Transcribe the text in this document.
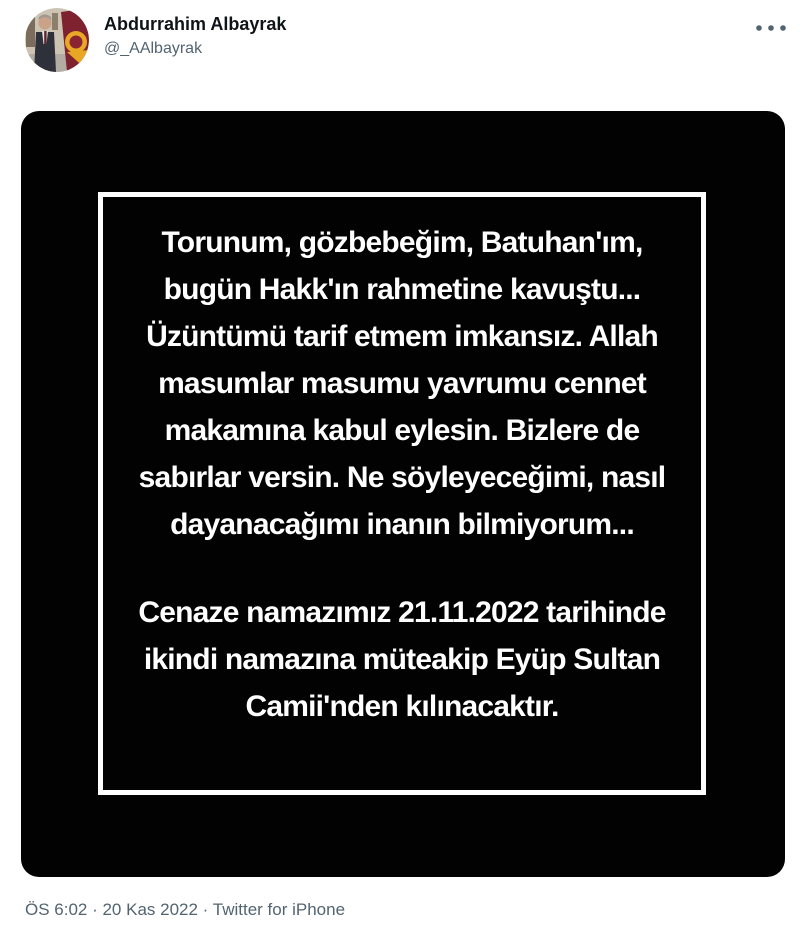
Abdurrahim Albayrak
@_AAlbayrak
Torunum, gözbebeğim, Batuhan'ım,
bugün Hakk'ın rahmetine kavuştu...
Üzüntümü tarif etmem imkansız. Allah
masumlar masumu yavrumu cennet
makamına kabul eylesin. Bizlere de
sabırlar versin. Ne söyleyeceğimi, nasıl
dayanacağımı inanın bilmiyorum...
Cenaze namazımız 21.11.2022 tarihinde
ikindi namazına müteakip Eyüp Sultan
Camii'nden kılınacaktır.
ÖS 6:02 · 20 Kas 2022 · Twitter for iPhone
